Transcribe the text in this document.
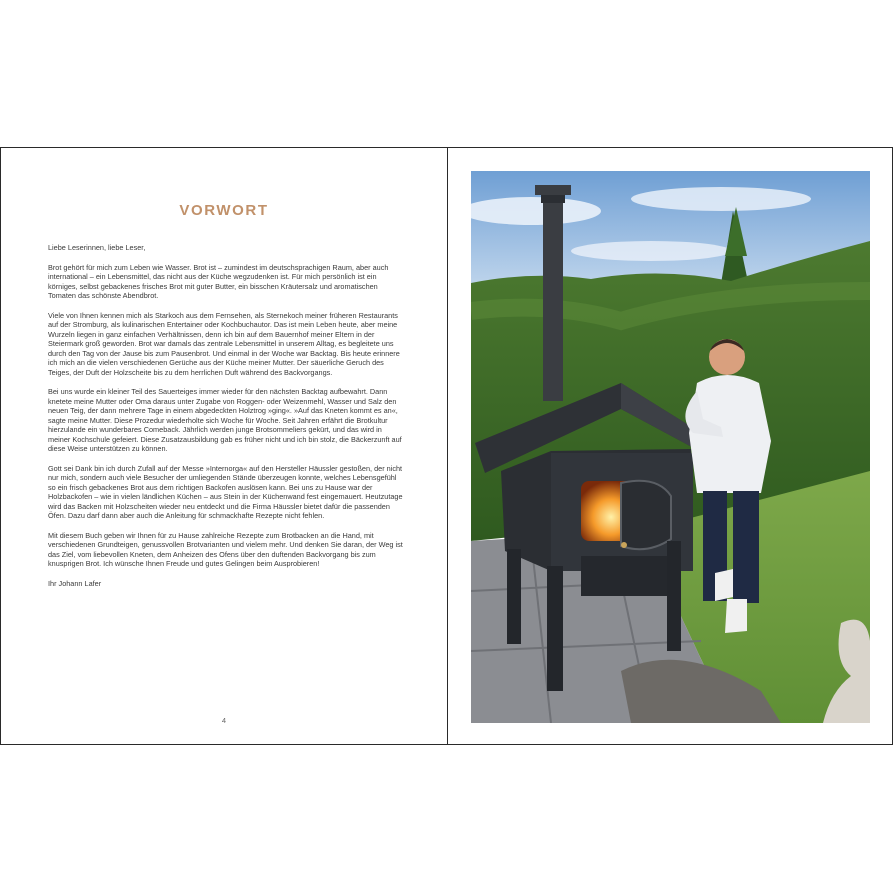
VORWORT

Liebe Leserinnen, liebe Leser,

Brot gehört für mich zum Leben wie Wasser. Brot ist – zumindest im deutschsprachigen Raum, aber auch international – ein Lebensmittel, das nicht aus der Küche wegzudenken ist. Für mich persönlich ist ein körniges, selbst gebackenes frisches Brot mit guter Butter, ein bisschen Kräutersalz und aromatischen Tomaten das schönste Abendbrot.

Viele von Ihnen kennen mich als Starkoch aus dem Fernsehen, als Sternekoch meiner früheren Restaurants auf der Stromburg, als kulinarischen Entertainer oder Kochbuchautor. Das ist mein Leben heute, aber meine Wurzeln liegen in ganz einfachen Verhältnissen, denn ich bin auf dem Bauernhof meiner Eltern in der Steiermark groß geworden. Brot war damals das zentrale Lebensmittel in unserem Alltag, es begleitete uns durch den Tag von der Jause bis zum Pausenbrot. Und einmal in der Woche war Backtag. Bis heute erinnere ich mich an die vielen verschiedenen Gerüche aus der Küche meiner Mutter. Der säuerliche Geruch des Teiges, der Duft der Holzscheite bis zu dem herrlichen Duft während des Backvorgangs.

Bei uns wurde ein kleiner Teil des Sauerteiges immer wieder für den nächsten Backtag aufbewahrt. Dann knetete meine Mutter oder Oma daraus unter Zugabe von Roggen- oder Weizenmehl, Wasser und Salz den neuen Teig, der dann mehrere Tage in einem abgedeckten Holztrog »ging«. »Auf das Kneten kommt es an«, sagte meine Mutter. Diese Prozedur wiederholte sich Woche für Woche. Seit Jahren erfährt die Brotkultur hierzulande ein wunderbares Comeback. Jährlich werden junge Brotsommeliers gekürt, und das wird in meiner Kochschule gefeiert. Diese Zusatzausbildung gab es früher nicht und ich bin stolz, die Bäckerzunft auf diese Weise unterstützen zu können.

Gott sei Dank bin ich durch Zufall auf der Messe »Internorga« auf den Hersteller Häussler gestoßen, der nicht nur mich, sondern auch viele Besucher der umliegenden Stände überzeugen konnte, welches Lebensgefühl so ein frisch gebackenes Brot aus dem richtigen Backofen auslösen kann. Bei uns zu Hause war der Holzbackofen – wie in vielen ländlichen Küchen – aus Stein in der Küchenwand fest eingemauert. Heutzutage wird das Backen mit Holzscheiten wieder neu entdeckt und die Firma Häussler bietet dafür die passenden Öfen. Dazu darf dann aber auch die Anleitung für schmackhafte Rezepte nicht fehlen.

Mit diesem Buch geben wir Ihnen für zu Hause zahlreiche Rezepte zum Brotbacken an die Hand, mit verschiedenen Grundteigen, genussvollen Brotvarianten und vielem mehr. Und denken Sie daran, der Weg ist das Ziel, vom liebevollen Kneten, dem Anheizen des Ofens über den duftenden Backvorgang bis zum knusprigen Brot. Ich wünsche Ihnen Freude und gutes Gelingen beim Ausprobieren!

Ihr Johann Lafer

4
